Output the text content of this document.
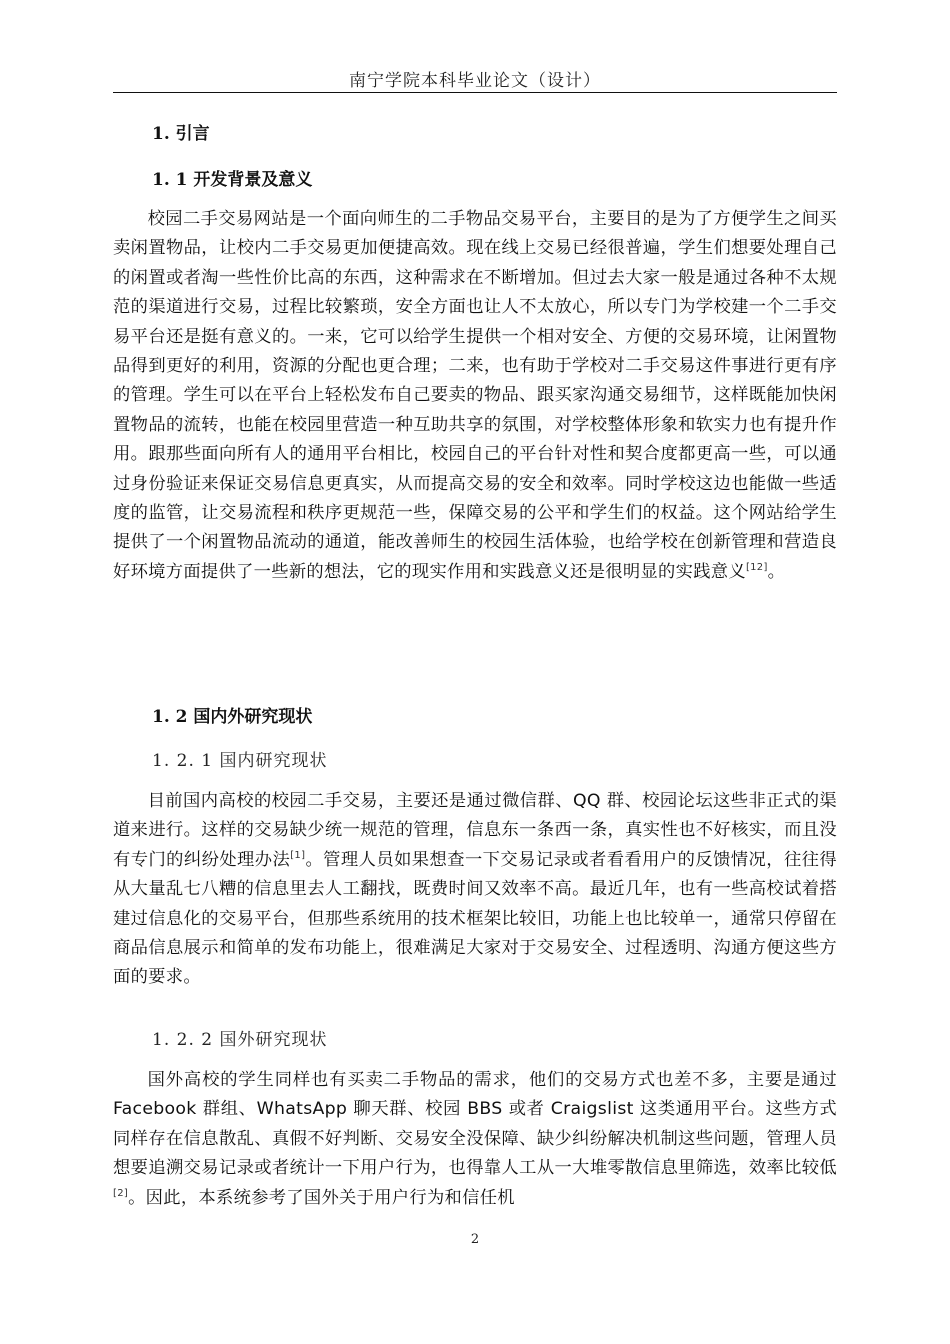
南宁学院本科毕业论文（设计）
1. 引言
1. 1 开发背景及意义

校园二手交易网站是一个面向师生的二手物品交易平台，主要目的是为了方便学生之间买卖闲置物品，让校内二手交易更加便捷高效。现在线上交易已经很普遍，学生们想要处理自己的闲置或者淘一些性价比高的东西，这种需求在不断增加。但过去大家一般是通过各种不太规范的渠道进行交易，过程比较繁琐，安全方面也让人不太放心，所以专门为学校建一个二手交易平台还是挺有意义的。一来，它可以给学生提供一个相对安全、方便的交易环境，让闲置物品得到更好的利用，资源的分配也更合理；二来，也有助于学校对二手交易这件事进行更有序的管理。学生可以在平台上轻松发布自己要卖的物品、跟买家沟通交易细节，这样既能加快闲置物品的流转，也能在校园里营造一种互助共享的氛围，对学校整体形象和软实力也有提升作用。跟那些面向所有人的通用平台相比，校园自己的平台针对性和契合度都更高一些，可以通过身份验证来保证交易信息更真实，从而提高交易的安全和效率。同时学校这边也能做一些适度的监管，让交易流程和秩序更规范一些，保障交易的公平和学生们的权益。这个网站给学生提供了一个闲置物品流动的通道，能改善师生的校园生活体验，也给学校在创新管理和营造良好环境方面提供了一些新的想法，它的现实作用和实践意义还是很明显的实践意义[12]。

1. 2 国内外研究现状
1. 2. 1 国内研究现状

目前国内高校的校园二手交易，主要还是通过微信群、QQ 群、校园论坛这些非正式的渠道来进行。这样的交易缺少统一规范的管理，信息东一条西一条，真实性也不好核实，而且没有专门的纠纷处理办法[1]。管理人员如果想查一下交易记录或者看看用户的反馈情况，往往得从大量乱七八糟的信息里去人工翻找，既费时间又效率不高。最近几年，也有一些高校试着搭建过信息化的交易平台，但那些系统用的技术框架比较旧，功能上也比较单一，通常只停留在商品信息展示和简单的发布功能上，很难满足大家对于交易安全、过程透明、沟通方便这些方面的要求。

1. 2. 2 国外研究现状

国外高校的学生同样也有买卖二手物品的需求，他们的交易方式也差不多，主要是通过 Facebook 群组、WhatsApp 聊天群、校园 BBS 或者 Craigslist 这类通用平台。这些方式同样存在信息散乱、真假不好判断、交易安全没保障、缺少纠纷解决机制这些问题，管理人员想要追溯交易记录或者统计一下用户行为，也得靠人工从一大堆零散信息里筛选，效率比较低[2]。因此，本系统参考了国外关于用户行为和信任机

2
